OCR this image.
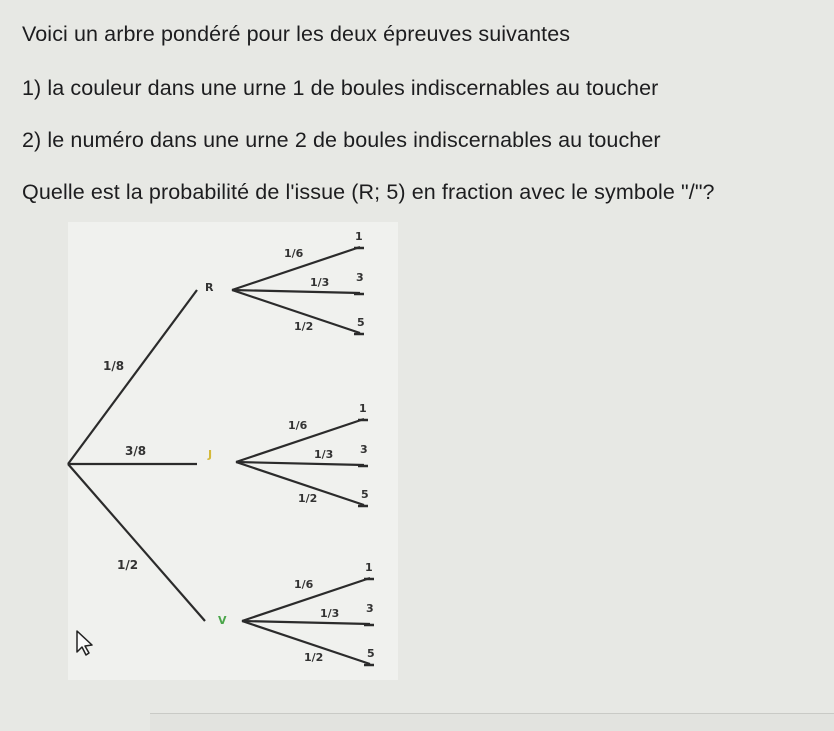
Voici un arbre pondéré pour les deux épreuves suivantes
1) la couleur dans une urne 1 de boules indiscernables au toucher
2) le numéro dans une urne 2 de boules indiscernables au toucher
Quelle est la probabilité de l'issue (R; 5) en fraction avec le symbole "/"?
1/8
R
3/8	J
1/2
V
1/6
1
1/3 3
1/2	5
1/6
1
1/3 3
1/2	5
1/6
1
1/3 3
1/2	5
